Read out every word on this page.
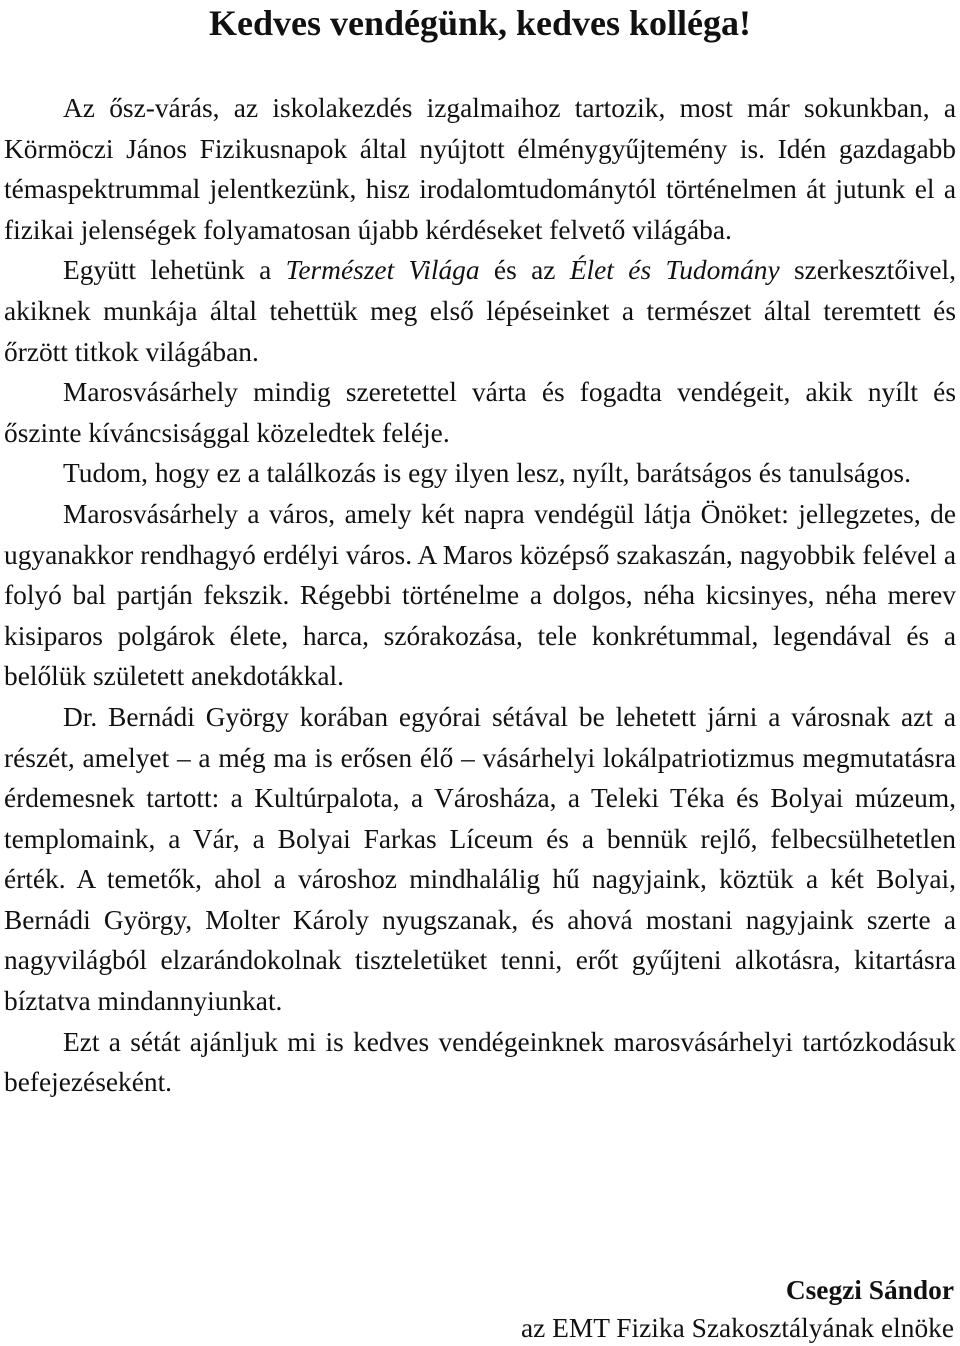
Kedves vendégünk, kedves kolléga!

Az ősz-várás, az iskolakezdés izgalmaihoz tartozik, most már sokunkban, a Körmöczi János Fizikusnapok által nyújtott élménygyűjtemény is. Idén gazdagabb témaspektrummal jelentkezünk, hisz irodalomtudománytól történelmen át jutunk el a fizikai jelenségek folyamatosan újabb kérdéseket felvető világába.

Együtt lehetünk a Természet Világa és az Élet és Tudomány szerkesztőivel, akiknek munkája által tehettük meg első lépéseinket a természet által teremtett és őrzött titkok világában.

Marosvásárhely mindig szeretettel várta és fogadta vendégeit, akik nyílt és őszinte kíváncsisággal közeledtek feléje.

Tudom, hogy ez a találkozás is egy ilyen lesz, nyílt, barátságos és tanulságos.

Marosvásárhely a város, amely két napra vendégül látja Önöket: jellegzetes, de ugyanakkor rendhagyó erdélyi város. A Maros középső szakaszán, nagyobbik felével a folyó bal partján fekszik. Régebbi történelme a dolgos, néha kicsinyes, néha merev kisiparos polgárok élete, harca, szórakozása, tele konkrétummal, legendával és a belőlük született anekdotákkal.

Dr. Bernádi György korában egyórai sétával be lehetett járni a városnak azt a részét, amelyet – a még ma is erősen élő – vásárhelyi lokálpatriotizmus megmutatásra érdemesnek tartott: a Kultúrpalota, a Városháza, a Teleki Téka és Bolyai múzeum, templomaink, a Vár, a Bolyai Farkas Líceum és a bennük rejlő, felbecsülhetetlen érték. A temetők, ahol a városhoz mindhalálig hű nagyjaink, köztük a két Bolyai, Bernádi György, Molter Károly nyugszanak, és ahová mostani nagyjaink szerte a nagyvilágból elzarándokolnak tiszteletüket tenni, erőt gyűjteni alkotásra, kitartásra bíztatva mindannyiunkat.

Ezt a sétát ajánljuk mi is kedves vendégeinknek marosvásárhelyi tartózkodásuk befejezéseként.

Csegzi Sándor
az EMT Fizika Szakosztályának elnöke
